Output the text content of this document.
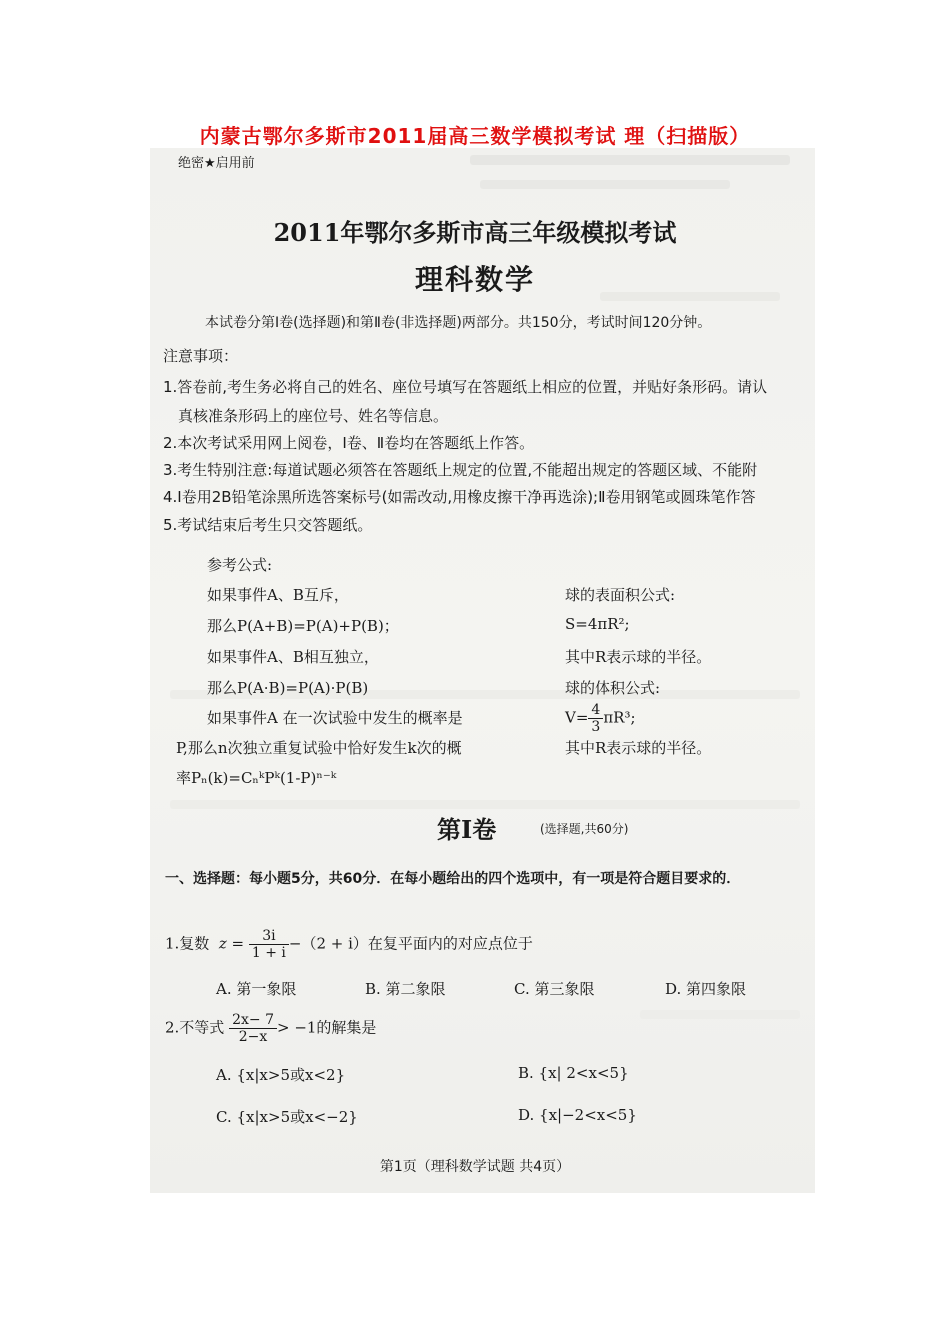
内蒙古鄂尔多斯市2011届高三数学模拟考试 理（扫描版）
绝密★启用前
2011年鄂尔多斯市高三年级模拟考试
理科数学
本试卷分第Ⅰ卷(选择题)和第Ⅱ卷(非选择题)两部分。共150分，考试时间120分钟。
注意事项：
1.答卷前,考生务必将自己的姓名、座位号填写在答题纸上相应的位置，并贴好条形码。请认
真核准条形码上的座位号、姓名等信息。
2.本次考试采用网上阅卷，Ⅰ卷、Ⅱ卷均在答题纸上作答。
3.考生特别注意:每道试题必须答在答题纸上规定的位置,不能超出规定的答题区域、不能附
4.Ⅰ卷用2B铅笔涂黑所选答案标号(如需改动,用橡皮擦干净再选涂);Ⅱ卷用钢笔或圆珠笔作答
5.考试结束后考生只交答题纸。
参考公式:
如果事件A、B互斥，
那么P(A+B)=P(A)+P(B)；
如果事件A、B相互独立，
那么P(A·B)=P(A)·P(B)
如果事件A 在一次试验中发生的概率是
P,那么n次独立重复试验中恰好发生k次的概
率Pₙ(k)=CₙᵏPᵏ(1-P)ⁿ⁻ᵏ
球的表面积公式:
S=4πR²;
其中R表示球的半径。
球的体积公式:
$V= \frac{4}{3} \pi R^3$;
其中R表示球的半径。
第Ⅰ卷	(选择题,共60分)
一、选择题：每小题5分，共60分．在每小题给出的四个选项中，有一项是符合题目要求的．
1.复数 $z = \frac{3i}{1 + i} -(2 + i)$在复平面内的对应点位于
A. 第一象限	B. 第二象限	C. 第三象限	D. 第四象限
2.不等式 $\frac{2x- 7}{2-x} > -1$的解集是
A. {x|x>5或x<2}	B. {x| 2<x<5}
C. {x|x>5或x<−2}	D. {x|−2<x<5}
第1页（理科数学试题 共4页）
